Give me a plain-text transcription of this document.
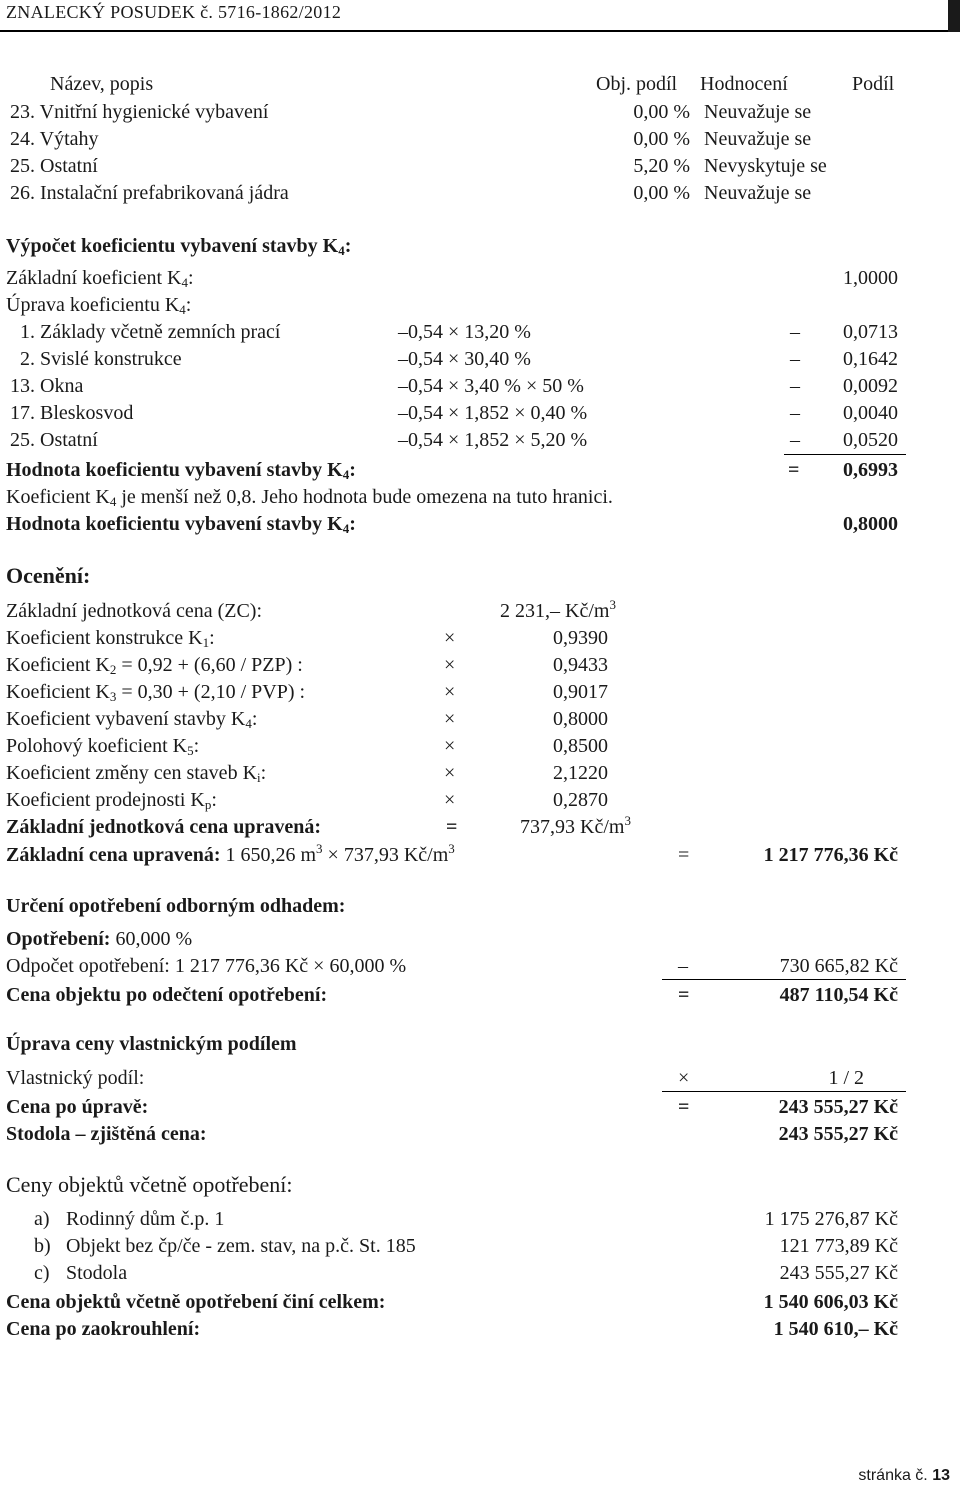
ZNALECKÝ POSUDEK č. 5716-1862/2012
Název, popis	Obj. podíl Hodnocení	Podíl
23. Vnitřní hygienické vybavení	0,00 % Neuvažuje se
24. Výtahy	0,00 % Neuvažuje se
25. Ostatní	5,20 % Nevyskytuje se
26. Instalační prefabrikovaná jádra	0,00 % Neuvažuje se
Výpočet koeficientu vybavení stavby $K_4$:
Základní koeficient $K_4$:	1,0000
Úprava koeficientu $K_4$:
1. Základy včetně zemních prací	–0,54 × 13,20 %	–	0,0713
2. Svislé konstrukce	–0,54 × 30,40 %	–	0,1642
13. Okna	–0,54 × 3,40 % × 50 %	–	0,0092
17. Bleskosvod	–0,54 × 1,852 × 0,40 %	–	0,0040
25. Ostatní	–0,54 × 1,852 × 5,20 %	–	0,0520
Hodnota koeficientu vybavení stavby $K_4$:	=	0,6993
Koeficient $K_4$ je menší než 0,8. Jeho hodnota bude omezena na tuto hranici.
Hodnota koeficientu vybavení stavby $K_4$:	0,8000
Ocenění:
Základní jednotková cena (ZC):	2 231,– $Kč/m^3$
Koeficient konstrukce $K_1$:	×	0,9390
Koeficient $K_2 = 0,92 + (6,60 / PZP)$ :	×	0,9433
Koeficient $K_3 = 0,30 + (2,10 / PVP)$ :	×	0,9017
Koeficient vybavení stavby $K_4$:	×	0,8000
Polohový koeficient $K_5$:	×	0,8500
Koeficient změny cen staveb $K_i$:	×	2,1220
Koeficient prodejnosti $K_p$:	×	0,2870
Základní jednotková cena upravená:	=	737,93 $Kč/m^3$
Základní cena upravená: 1 650,26 $m^3 \times 737,93$ $Kč/m^3$	=	1 217 776,36 Kč
Určení opotřebení odborným odhadem:
Opotřebení: 60,000 %
Odpočet opotřebení: 1 217 776,36 Kč × 60,000 %	–	730 665,82 Kč
Cena objektu po odečtení opotřebení:	=	487 110,54 Kč
Úprava ceny vlastnickým podílem
Vlastnický podíl:	×	1 / 2
Cena po úpravě:	=	243 555,27 Kč
Stodola – zjištěná cena:	243 555,27 Kč
Ceny objektů včetně opotřebení:
a) Rodinný dům č.p. 1	1 175 276,87 Kč
b) Objekt bez čp/če - zem. stav, na p.č. St. 185	121 773,89 Kč
c) Stodola	243 555,27 Kč
Cena objektů včetně opotřebení činí celkem:	1 540 606,03 Kč
Cena po zaokrouhlení:	1 540 610,– Kč
stránka č. 13
